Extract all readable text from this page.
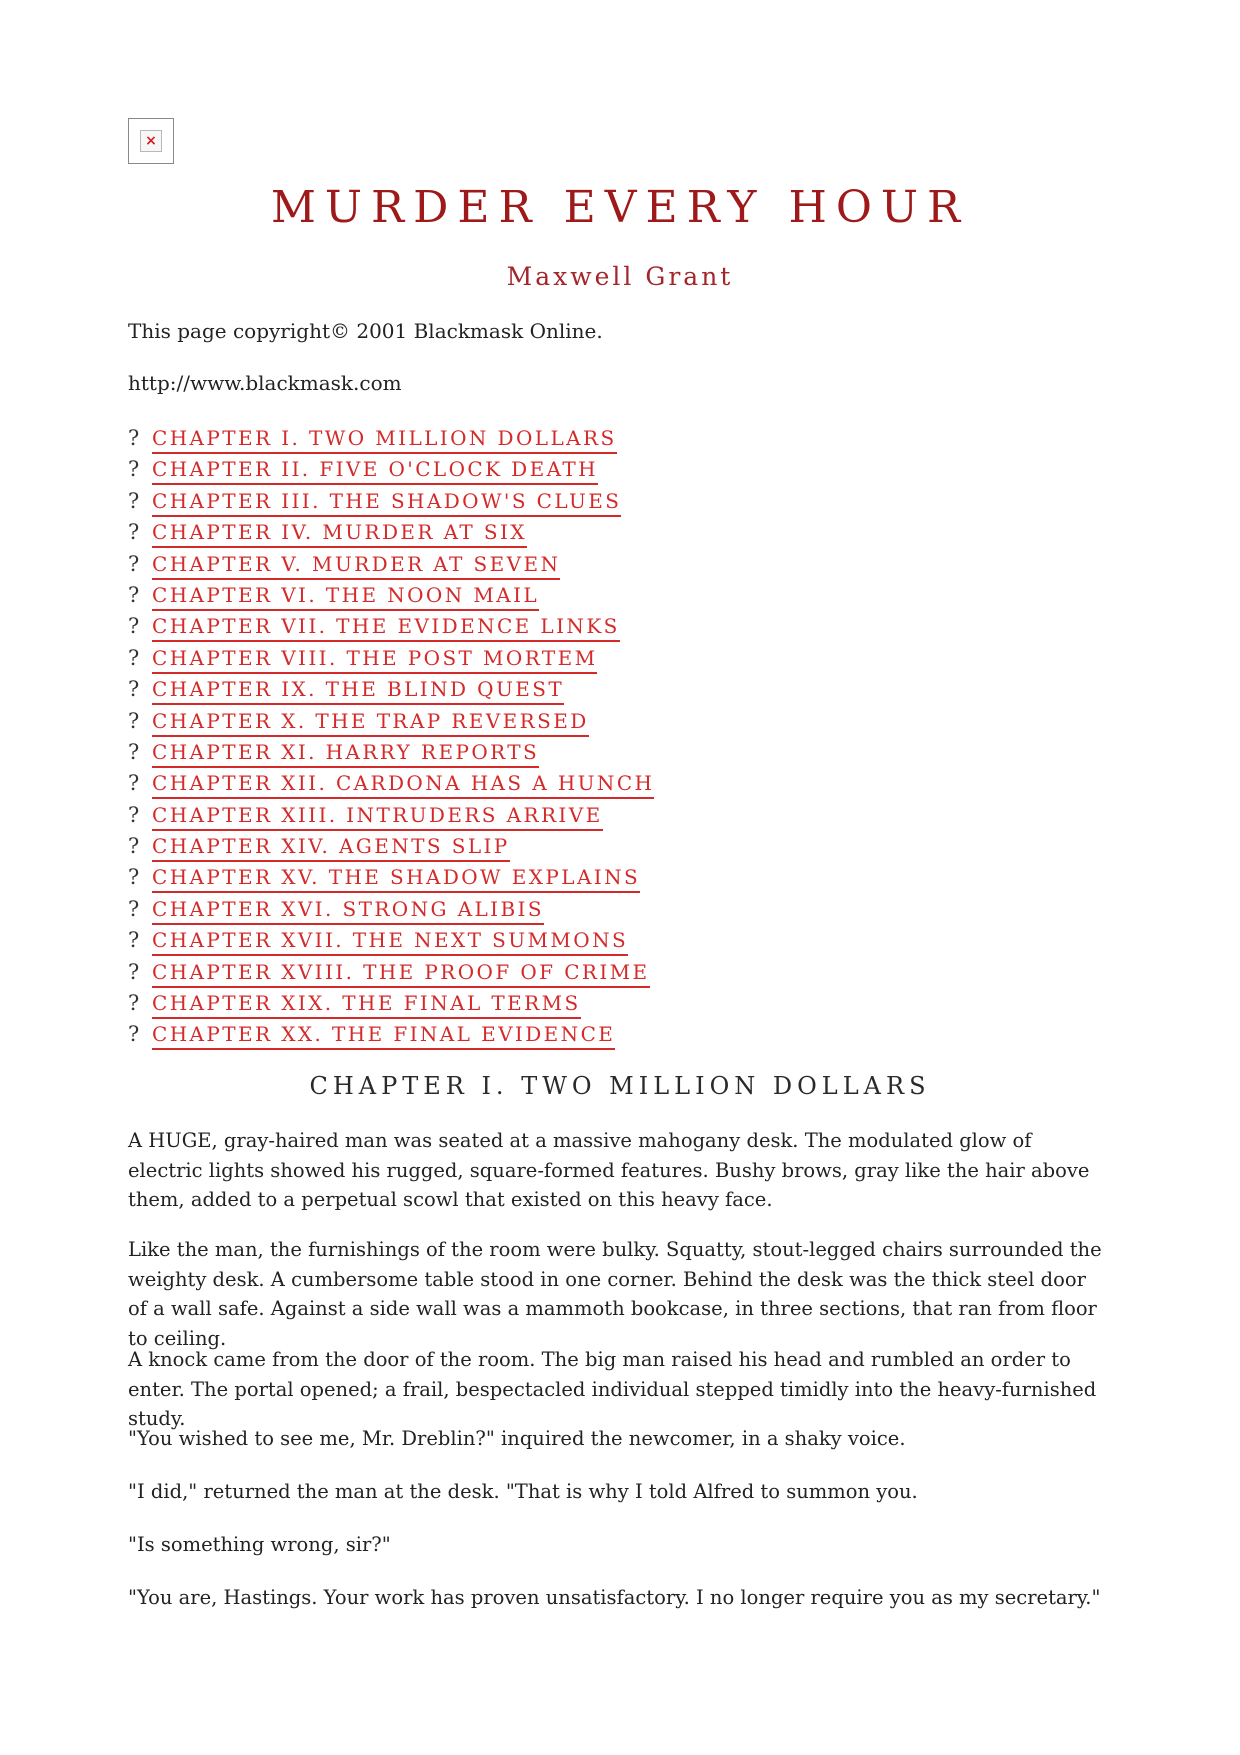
×
MURDER EVERY HOUR
Maxwell Grant

This page copyright© 2001 Blackmask Online.

http://www.blackmask.com

? CHAPTER I. TWO MILLION DOLLARS
? CHAPTER II. FIVE O'CLOCK DEATH
? CHAPTER III. THE SHADOW'S CLUES
? CHAPTER IV. MURDER AT SIX
? CHAPTER V. MURDER AT SEVEN
? CHAPTER VI. THE NOON MAIL
? CHAPTER VII. THE EVIDENCE LINKS
? CHAPTER VIII. THE POST MORTEM
? CHAPTER IX. THE BLIND QUEST
? CHAPTER X. THE TRAP REVERSED
? CHAPTER XI. HARRY REPORTS
? CHAPTER XII. CARDONA HAS A HUNCH
? CHAPTER XIII. INTRUDERS ARRIVE
? CHAPTER XIV. AGENTS SLIP
? CHAPTER XV. THE SHADOW EXPLAINS
? CHAPTER XVI. STRONG ALIBIS
? CHAPTER XVII. THE NEXT SUMMONS
? CHAPTER XVIII. THE PROOF OF CRIME
? CHAPTER XIX. THE FINAL TERMS
? CHAPTER XX. THE FINAL EVIDENCE
CHAPTER I. TWO MILLION DOLLARS

A HUGE, gray-haired man was seated at a massive mahogany desk. The modulated glow of electric lights showed his rugged, square-formed features. Bushy brows, gray like the hair above them, added to a perpetual scowl that existed on this heavy face.

Like the man, the furnishings of the room were bulky. Squatty, stout-legged chairs surrounded the weighty desk. A cumbersome table stood in one corner. Behind the desk was the thick steel door of a wall safe. Against a side wall was a mammoth bookcase, in three sections, that ran from floor to ceiling.

A knock came from the door of the room. The big man raised his head and rumbled an order to enter. The portal opened; a frail, bespectacled individual stepped timidly into the heavy-furnished study.

"You wished to see me, Mr. Dreblin?" inquired the newcomer, in a shaky voice.

"I did," returned the man at the desk. "That is why I told Alfred to summon you.

"Is something wrong, sir?"

"You are, Hastings. Your work has proven unsatisfactory. I no longer require you as my secretary."
